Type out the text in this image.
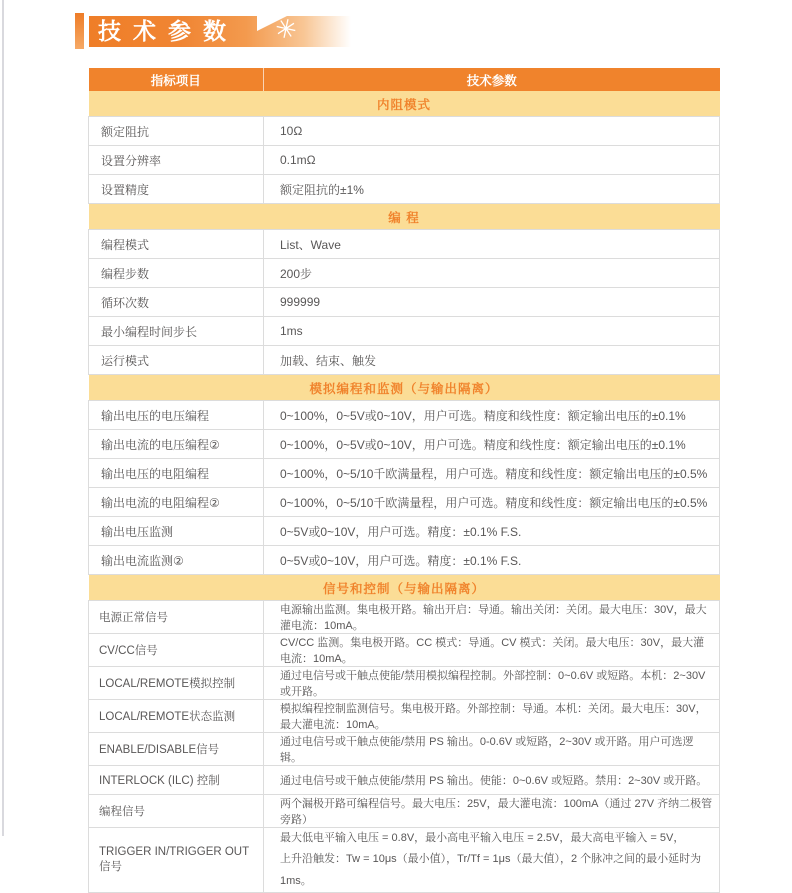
技术参数 ✳
指标项目	技术参数
内阻模式	
额定阻抗	10Ω
设置分辨率	0.1mΩ
设置精度	额定阻抗的±1%
编 程	
编程模式	List、Wave
编程步数	200步
循环次数	999999
最小编程时间步长	1ms
运行模式	加载、结束、触发
模拟编程和监测（与输出隔离）	
输出电压的电压编程	0~100%，0~5V或0~10V，用户可选。精度和线性度：额定输出电压的±0.1%
输出电流的电压编程②	0~100%，0~5V或0~10V，用户可选。精度和线性度：额定输出电压的±0.1%
输出电压的电阻编程	0~100%，0~5/10千欧满量程，用户可选。精度和线性度：额定输出电压的±0.5%
输出电流的电阻编程②	0~100%，0~5/10千欧满量程，用户可选。精度和线性度：额定输出电压的±0.5%
输出电压监测	0~5V或0~10V，用户可选。精度：±0.1% F.S.
输出电流监测②	0~5V或0~10V，用户可选。精度：±0.1% F.S.
信号和控制（与输出隔离）	
电源正常信号	电源输出监测。集电极开路。输出开启：导通。输出关闭：关闭。最大电压：30V，最大灌电流：10mA。
CV/CC信号	CV/CC 监测。集电极开路。CC 模式：导通。CV 模式：关闭。最大电压：30V，最大灌电流：10mA。
LOCAL/REMOTE模拟控制	通过电信号或干触点使能/禁用模拟编程控制。外部控制：0~0.6V 或短路。本机：2~30V 或开路。
LOCAL/REMOTE状态监测	模拟编程控制监测信号。集电极开路。外部控制：导通。本机：关闭。最大电压：30V，最大灌电流：10mA。
ENABLE/DISABLE信号	通过电信号或干触点使能/禁用 PS 输出。0-0.6V 或短路，2~30V 或开路。用户可选逻辑。
INTERLOCK (ILC) 控制	通过电信号或干触点使能/禁用 PS 输出。使能：0~0.6V 或短路。禁用：2~30V 或开路。
编程信号	两个漏极开路可编程信号。最大电压：25V，最大灌电流：100mA（通过 27V 齐纳二极管旁路）
TRIGGER IN/TRIGGER OUT 信号	最大低电平输入电压 = 0.8V，最小高电平输入电压 = 2.5V，最大高电平输入 = 5V，
上升沿触发：Tw = 10μs（最小值），Tr/Tf = 1μs（最大值），2 个脉冲之间的最小延时为 1ms。
